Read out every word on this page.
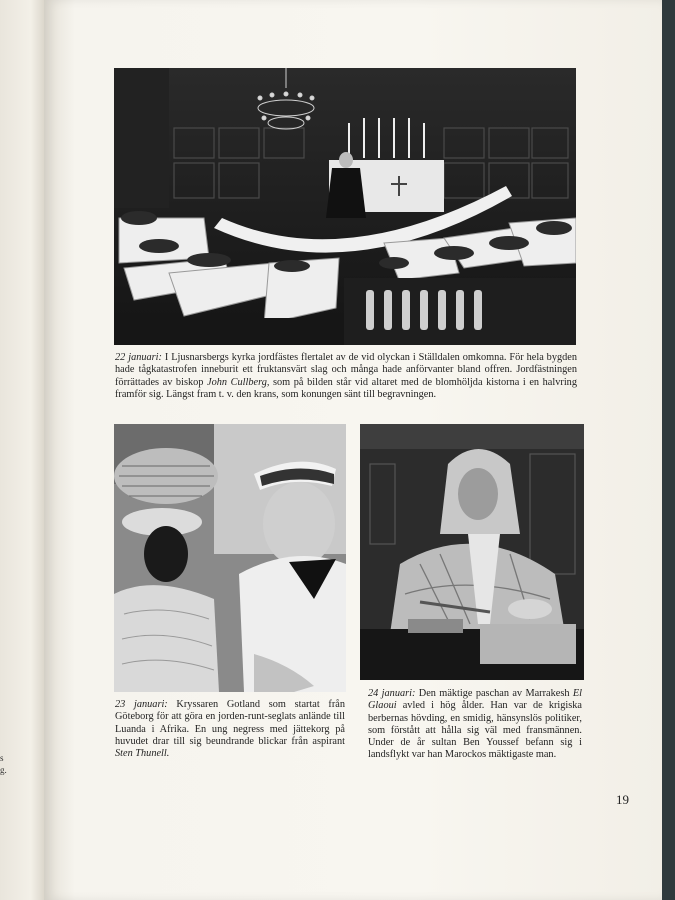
s
g.
22 januari: I Ljusnarsbergs kyrka jordfästes flertalet av de vid olyckan i Ställdalen omkomna. För hela bygden hade tågkatastrofen inneburit ett fruktansvärt slag och många hade anförvanter bland offren. Jordfästningen förrättades av biskop John Cullberg, som på bilden står vid altaret med de blomhöljda kistorna i en halvring framför sig. Längst fram t. v. den krans, som konungen sänt till begravningen.
23 januari: Kryssaren Gotland som startat från Göteborg för att göra en jorden-runt-seglats anlände till Luanda i Afrika. En ung negress med jättekorg på huvudet drar till sig beundrande blickar från aspirant Sten Thunell.
24 januari: Den mäktige paschan av Marrakesh El Glaoui avled i hög ålder. Han var de krigiska berbernas hövding, en smidig, hänsynslös politiker, som förstått att hålla sig väl med fransmännen. Under de år sultan Ben Youssef befann sig i landsflykt var han Marockos mäktigaste man.
19
